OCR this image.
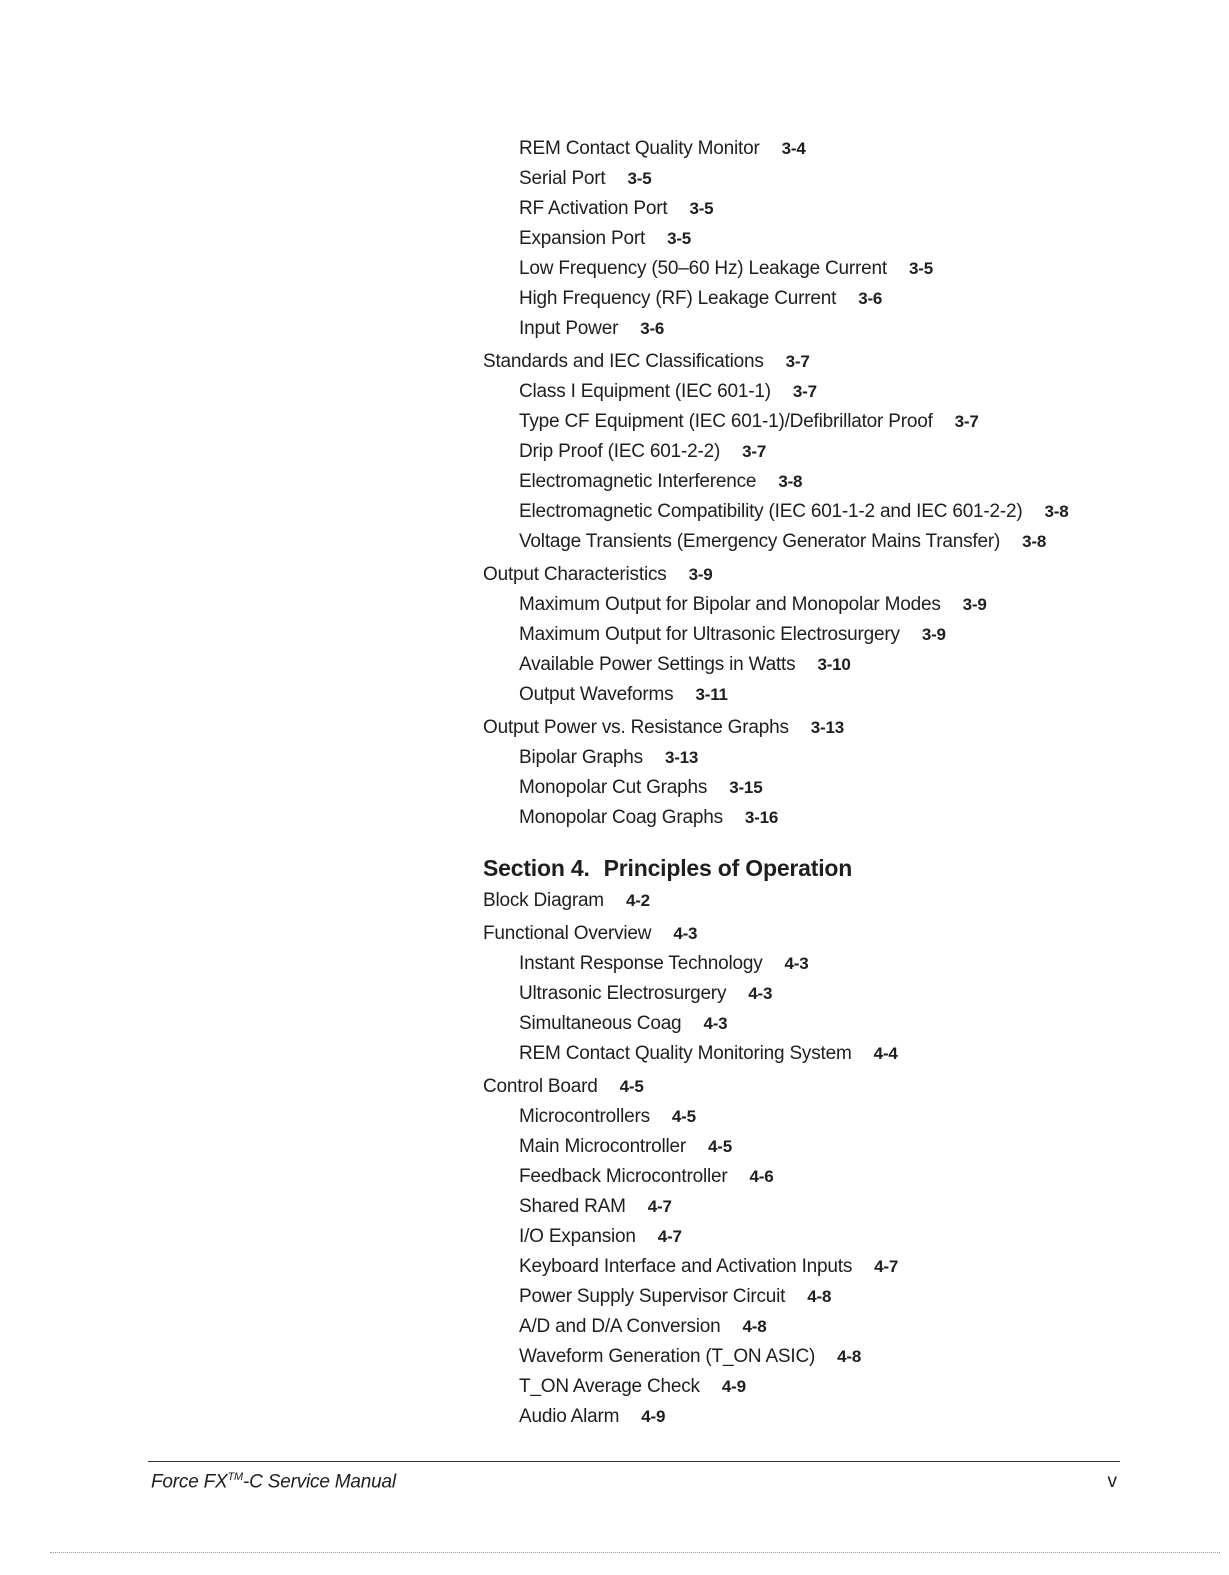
REM Contact Quality Monitor 3-4
Serial Port 3-5
RF Activation Port 3-5
Expansion Port 3-5
Low Frequency (50–60 Hz) Leakage Current 3-5
High Frequency (RF) Leakage Current 3-6
Input Power 3-6
Standards and IEC Classifications 3-7
Class I Equipment (IEC 601-1) 3-7
Type CF Equipment (IEC 601-1)/Defibrillator Proof 3-7
Drip Proof (IEC 601-2-2) 3-7
Electromagnetic Interference 3-8
Electromagnetic Compatibility (IEC 601-1-2 and IEC 601-2-2) 3-8
Voltage Transients (Emergency Generator Mains Transfer) 3-8
Output Characteristics 3-9
Maximum Output for Bipolar and Monopolar Modes 3-9
Maximum Output for Ultrasonic Electrosurgery 3-9
Available Power Settings in Watts 3-10
Output Waveforms 3-11
Output Power vs. Resistance Graphs 3-13
Bipolar Graphs 3-13
Monopolar Cut Graphs 3-15
Monopolar Coag Graphs 3-16
Section 4. Principles of Operation
Block Diagram 4-2
Functional Overview 4-3
Instant Response Technology 4-3
Ultrasonic Electrosurgery 4-3
Simultaneous Coag 4-3
REM Contact Quality Monitoring System 4-4
Control Board 4-5
Microcontrollers 4-5
Main Microcontroller 4-5
Feedback Microcontroller 4-6
Shared RAM 4-7
I/O Expansion 4-7
Keyboard Interface and Activation Inputs 4-7
Power Supply Supervisor Circuit 4-8
A/D and D/A Conversion 4-8
Waveform Generation (T_ON ASIC) 4-8
T_ON Average Check 4-9
Audio Alarm 4-9
Force FX™-C Service Manual	v
